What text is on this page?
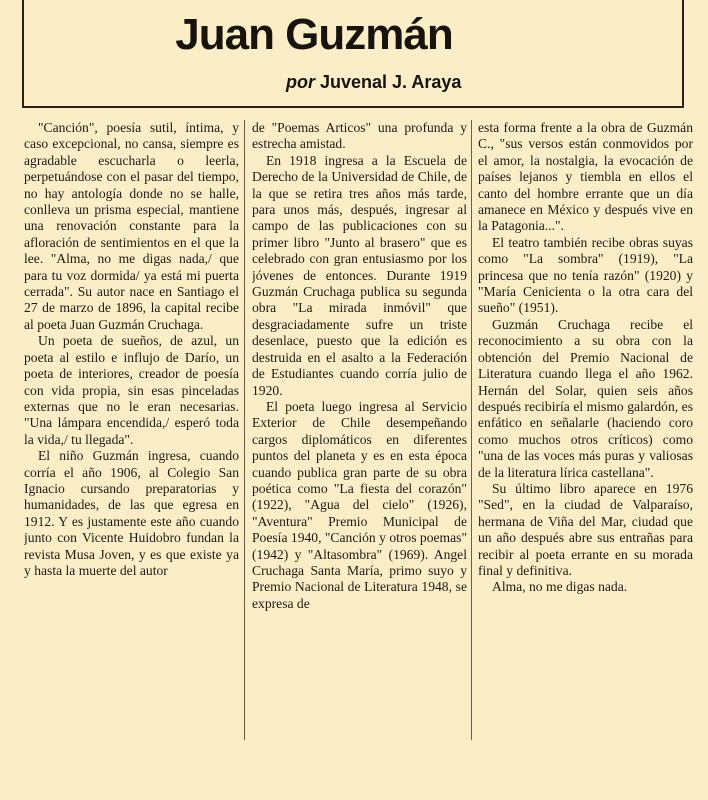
Juan Guzmán
por Juvenal J. Araya

"Canción", poesía sutil, íntima, y caso excepcional, no cansa, siempre es agradable escucharla o leerla, perpetuándose con el pasar del tiempo, no hay antología donde no se halle, conlleva un prisma especial, mantiene una renovación constante para la afloración de sentimientos en el que la lee. "Alma, no me digas nada,/ que para tu voz dormida/ ya está mi puerta cerrada". Su autor nace en Santiago el 27 de marzo de 1896, la capital recibe al poeta Juan Guzmán Cruchaga.

Un poeta de sueños, de azul, un poeta al estilo e influjo de Darío, un poeta de interiores, creador de poesía con vida propia, sin esas pinceladas externas que no le eran necesarias. "Una lámpara encendida,/ esperó toda la vida,/ tu llegada".

El niño Guzmán ingresa, cuando corría el año 1906, al Colegio San Ignacio cursando preparatorias y humanidades, de las que egresa en 1912. Y es justamente este año cuando junto con Vicente Huidobro fundan la revista Musa Joven, y es que existe ya y hasta la muerte del autor

de "Poemas Articos" una profunda y estrecha amistad.

En 1918 ingresa a la Escuela de Derecho de la Universidad de Chile, de la que se retira tres años más tarde, para unos más, después, ingresar al campo de las publicaciones con su primer libro "Junto al brasero" que es celebrado con gran entusiasmo por los jóvenes de entonces. Durante 1919 Guzmán Cruchaga publica su segunda obra "La mirada inmóvil" que desgraciadamente sufre un triste desenlace, puesto que la edición es destruida en el asalto a la Federación de Estudiantes cuando corría julio de 1920.

El poeta luego ingresa al Servicio Exterior de Chile desempeñando cargos diplomáticos en diferentes puntos del planeta y es en esta época cuando publica gran parte de su obra poética como "La fiesta del corazón" (1922), "Agua del cielo" (1926), "Aventura" Premio Municipal de Poesía 1940, "Canción y otros poemas" (1942) y "Altasombra" (1969). Angel Cruchaga Santa María, primo suyo y Premio Nacional de Literatura 1948, se expresa de

esta forma frente a la obra de Guzmán C., "sus versos están conmovidos por el amor, la nostalgia, la evocación de países lejanos y tiembla en ellos el canto del hombre errante que un día amanece en México y después vive en la Patagonia...".

El teatro también recibe obras suyas como "La sombra" (1919), "La princesa que no tenía razón" (1920) y "María Cenicienta o la otra cara del sueño" (1951).

Guzmán Cruchaga recibe el reconocimiento a su obra con la obtención del Premio Nacional de Literatura cuando llega el año 1962. Hernán del Solar, quien seis años después recibiría el mismo galardón, es enfático en señalarle (haciendo coro como muchos otros críticos) como "una de las voces más puras y valiosas de la literatura lírica castellana".

Su último libro aparece en 1976 "Sed", en la ciudad de Valparaíso, hermana de Viña del Mar, ciudad que un año después abre sus entrañas para recibir al poeta errante en su morada final y definitiva.

Alma, no me digas nada.
